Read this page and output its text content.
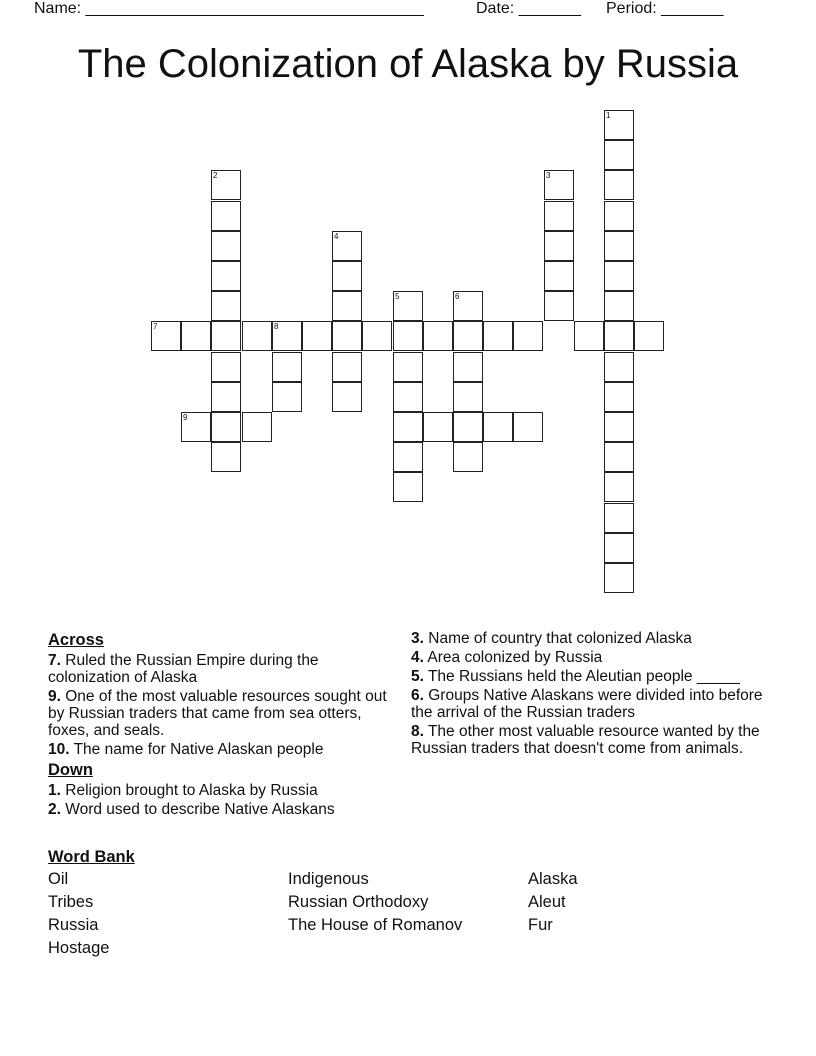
Name: ______________________________________	Date: _______ Period: _______
The Colonization of Alaska by Russia
1
2	3
4
5	6
7	8
9
Across
7. Ruled the Russian Empire during the colonization of Alaska
9. One of the most valuable resources sought out by Russian traders that came from sea otters, foxes, and seals.
10. The name for Native Alaskan people
Down
1. Religion brought to Alaska by Russia
2. Word used to describe Native Alaskans
3. Name of country that colonized Alaska
4. Area colonized by Russia
5. The Russians held the Aleutian people _____
6. Groups Native Alaskans were divided into before the arrival of the Russian traders
8. The other most valuable resource wanted by the Russian traders that doesn't come from animals.
Word Bank
Oil	Indigenous	Alaska
Tribes	Russian Orthodoxy	Aleut
Russia	The House of Romanov	Fur
Hostage
